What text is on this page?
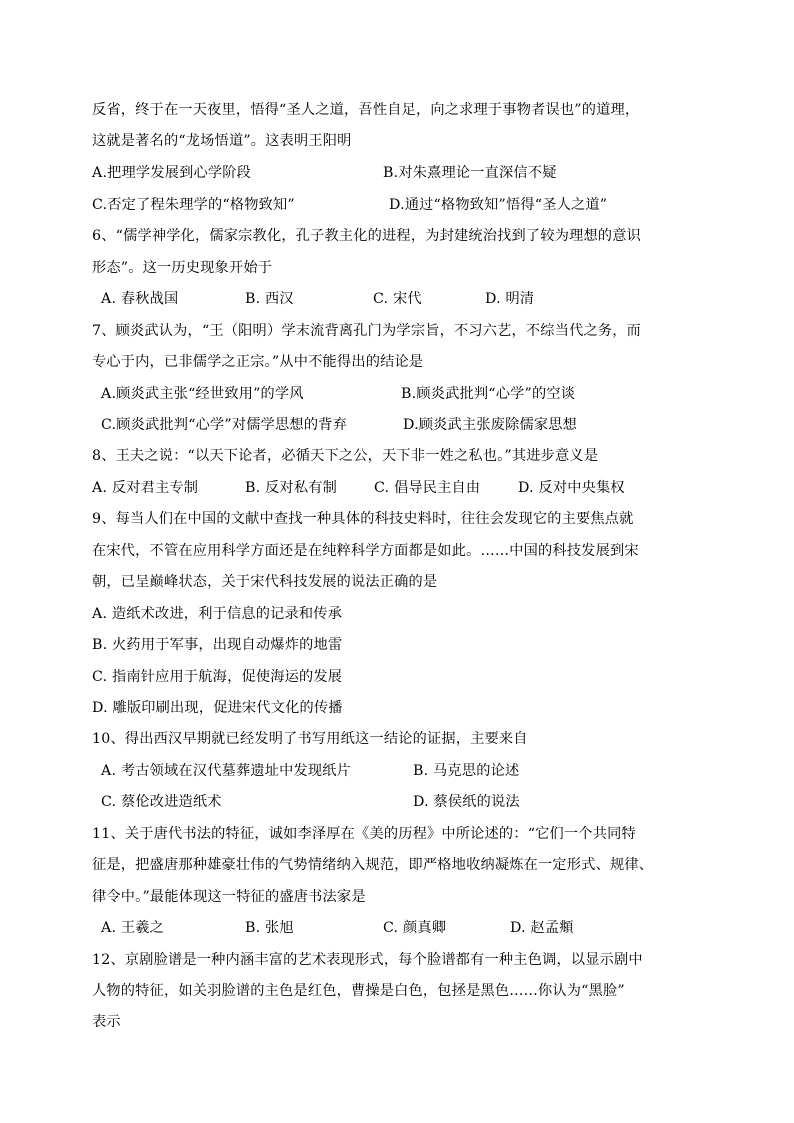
反省，终于在一天夜里，悟得“圣人之道，吾性自足，向之求理于事物者误也”的道理，
这就是著名的“龙场悟道”。这表明王阳明
A.把理学发展到心学阶段	B.对朱熹理论一直深信不疑
C.否定了程朱理学的“格物致知”	D.通过“格物致知”悟得“圣人之道”
6、“儒学神学化，儒家宗教化，孔子教主化的进程，为封建统治找到了较为理想的意识
形态”。这一历史现象开始于
A. 春秋战国	B. 西汉	C. 宋代	D. 明清
7、顾炎武认为，“王（阳明）学末流背离孔门为学宗旨，不习六艺，不综当代之务，而
专心于内，已非儒学之正宗。”从中不能得出的结论是
A.顾炎武主张“经世致用”的学风	B.顾炎武批判“心学”的空谈
C.顾炎武批判“心学”对儒学思想的背弃	D.顾炎武主张废除儒家思想
8、王夫之说：“以天下论者，必循天下之公，天下非一姓之私也。”其进步意义是
A. 反对君主专制	B. 反对私有制	C. 倡导民主自由	D. 反对中央集权
9、每当人们在中国的文献中查找一种具体的科技史料时，往往会发现它的主要焦点就
在宋代，不管在应用科学方面还是在纯粹科学方面都是如此。……中国的科技发展到宋
朝，已呈巅峰状态，关于宋代科技发展的说法正确的是
A. 造纸术改进，利于信息的记录和传承
B. 火药用于军事，出现自动爆炸的地雷
C. 指南针应用于航海，促使海运的发展
D. 雕版印刷出现，促进宋代文化的传播
10、得出西汉早期就已经发明了书写用纸这一结论的证据，主要来自
A. 考古领域在汉代墓葬遗址中发现纸片	B. 马克思的论述
C. 蔡伦改进造纸术	D. 蔡侯纸的说法
11、关于唐代书法的特征，诚如李泽厚在《美的历程》中所论述的：“它们一个共同特
征是，把盛唐那种雄豪壮伟的气势情绪纳入规范，即严格地收纳凝炼在一定形式、规律、
律令中。”最能体现这一特征的盛唐书法家是
A. 王羲之	B. 张旭	C. 颜真卿	D. 赵孟頫
12、京剧脸谱是一种内涵丰富的艺术表现形式，每个脸谱都有一种主色调，以显示剧中
人物的特征，如关羽脸谱的主色是红色，曹操是白色，包拯是黑色……你认为“黑脸”
表示
